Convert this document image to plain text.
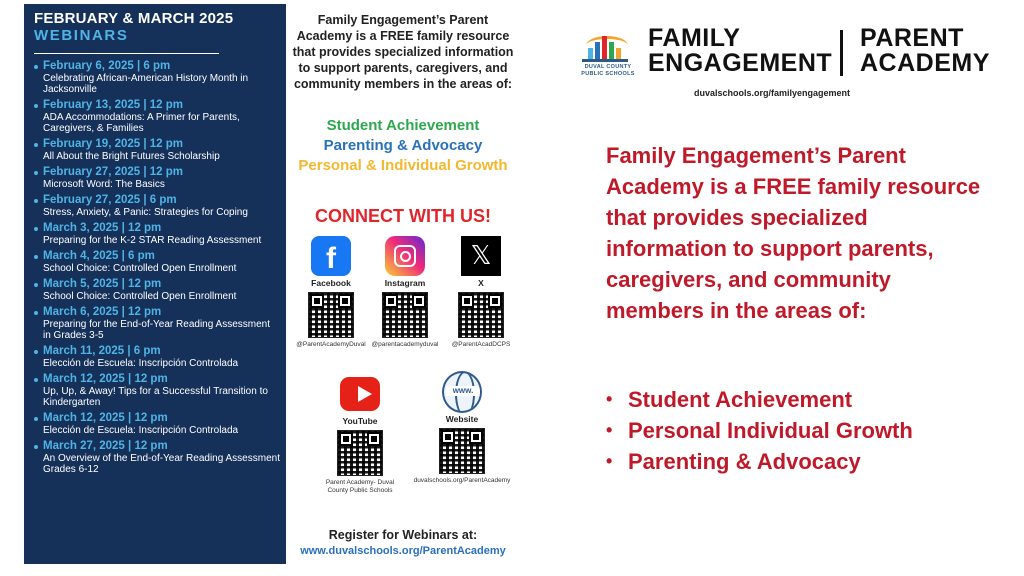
FEBRUARY & MARCH 2025
WEBINARS
February 6, 2025 | 6 pm
Celebrating African-American History Month in Jacksonville
February 13, 2025 | 12 pm
ADA Accommodations: A Primer for Parents, Caregivers, & Families
February 19, 2025 | 12 pm
All About the Bright Futures Scholarship
February 27, 2025 | 12 pm
Microsoft Word: The Basics
February 27, 2025 | 6 pm
Stress, Anxiety, & Panic: Strategies for Coping
March 3, 2025 | 12 pm
Preparing for the K-2 STAR Reading Assessment
March 4, 2025 | 6 pm
School Choice: Controlled Open Enrollment
March 5, 2025 | 12 pm
School Choice: Controlled Open Enrollment
March 6, 2025 | 12 pm
Preparing for the End-of-Year Reading Assessment in Grades 3-5
March 11, 2025 | 6 pm
Elección de Escuela: Inscripción Controlada
March 12, 2025 | 12 pm
Up, Up, & Away! Tips for a Successful Transition to Kindergarten
March 12, 2025 | 12 pm
Elección de Escuela: Inscripción Controlada
March 27, 2025 | 12 pm
An Overview of the End-of-Year Reading Assessment Grades 6-12
Family Engagement’s Parent Academy is a FREE family resource that provides specialized information to support parents, caregivers, and community members in the areas of:
Student Achievement
Parenting & Advocacy
Personal & Individual Growth
CONNECT WITH US!
f
Facebook
@ParentAcademyDuval
Instagram
@parentacademyduval
𝕏
X
@ParentAcadDCPS
YouTube
Parent Academy- Duval County Public Schools
www.
Website
duvalschools.org/ParentAcademy
Register for Webinars at:
www.duvalschools.org/ParentAcademy
DUVAL COUNTY PUBLIC SCHOOLS
FAMILY
ENGAGEMENT
PARENT
ACADEMY
duvalschools.org/familyengagement
Family Engagement’s Parent Academy is a FREE family resource that provides specialized information to support parents, caregivers, and community members in the areas of:
• Student Achievement
• Personal Individual Growth
• Parenting & Advocacy
